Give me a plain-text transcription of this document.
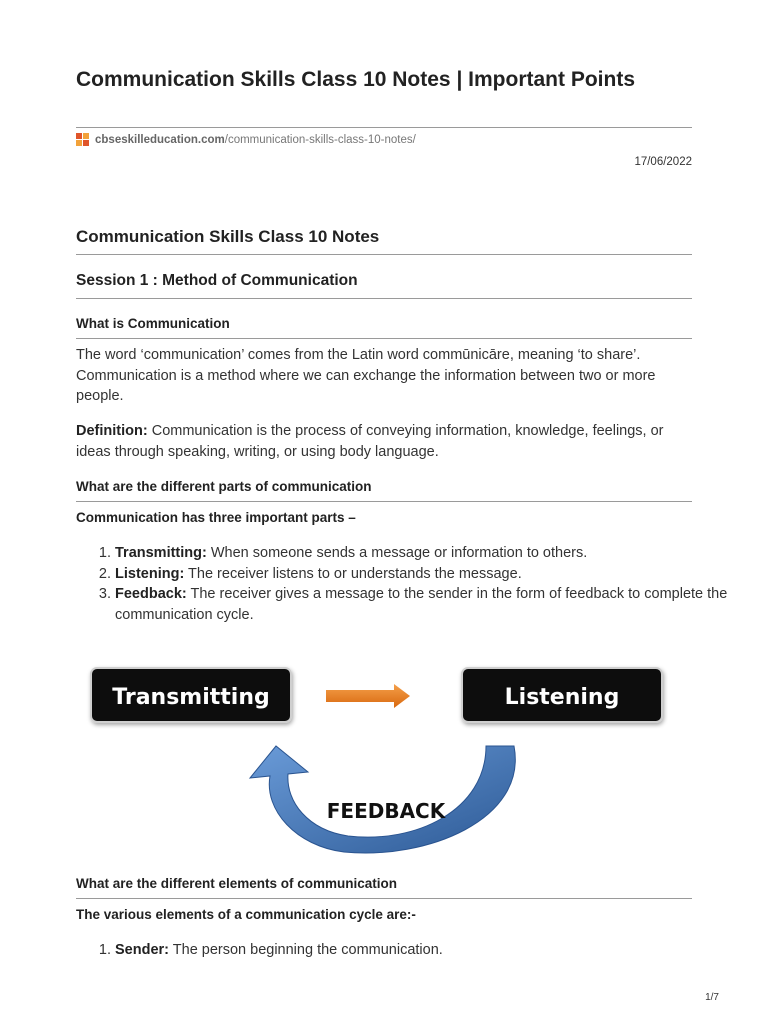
Communication Skills Class 10 Notes | Important Points
cbseskilleducation.com /communication-skills-class-10-notes/
17/06/2022
Communication Skills Class 10 Notes
Session 1 : Method of Communication
What is Communication

The word ‘communication’ comes from the Latin word commūnicāre, meaning ‘to share’. Communication is a method where we can exchange the information between two or more people.

Definition: Communication is the process of conveying information, knowledge, feelings, or ideas through speaking, writing, or using body language.

What are the different parts of communication
Communication has three important parts –
1. Transmitting: When someone sends a message or information to others.
2. Listening: The receiver listens to or understands the message.
3. Feedback: The receiver gives a message to the sender in the form of feedback to complete the communication cycle.
What are the different elements of communication
The various elements of a communication cycle are:-
1. Sender: The person beginning the communication.
Transmitting	Listening
FEEDBACK
1/7
